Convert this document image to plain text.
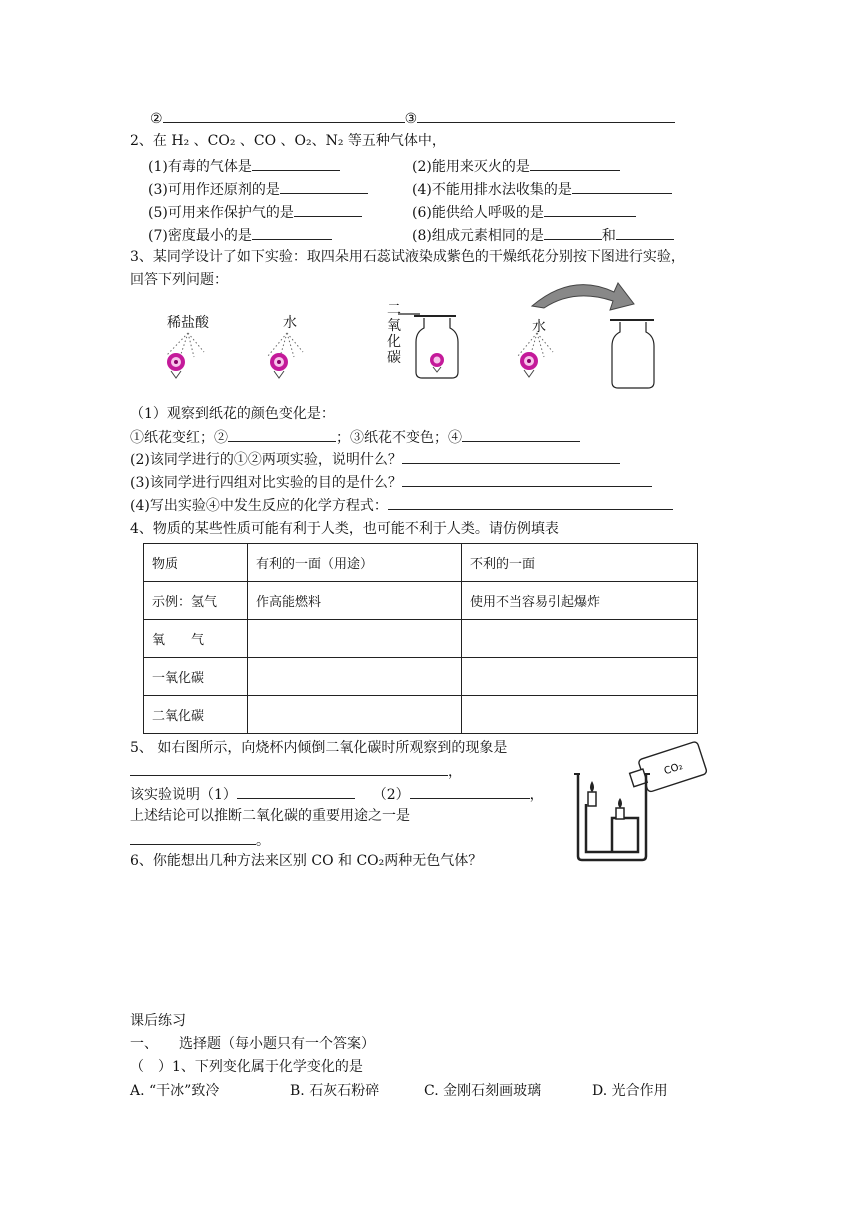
②	③
2、在 H₂ 、CO₂ 、CO 、O₂、N₂ 等五种气体中，
(1)有毒的气体是	(2)能用来灭火的是
(3)可用作还原剂的是	(4)不能用排水法收集的是
(5)可用来作保护气的是	(6)能供给人呼吸的是
(7)密度最小的是	(8)组成元素相同的是	和
3、某同学设计了如下实验：取四朵用石蕊试液染成紫色的干燥纸花分别按下图进行实验，
回答下列问题：
稀盐酸	水
二
氧
化
碳
水
（1）观察到纸花的颜色变化是：
①纸花变红；②	；③纸花不变色；④
(2)该同学进行的①②两项实验，说明什么？
(3)该同学进行四组对比实验的目的是什么？
(4)写出实验④中发生反应的化学方程式：
4、物质的某些性质可能有利于人类，也可能不利于人类。请仿例填表
物质	有利的一面（用途）	不利的一面
示例：氢气	作高能燃料	使用不当容易引起爆炸
氧　　气		
一氧化碳		
二氧化碳		
5、 如右图所示，向烧杯内倾倒二氧化碳时所观察到的现象是
，
该实验说明（1）	（2）	，
上述结论可以推断二氧化碳的重要用途之一是
。
CO₂
6、你能想出几种方法来区别 CO 和 CO₂两种无色气体？
课后练习
一、　　选择题（每小题只有一个答案）
（　）1、下列变化属于化学变化的是
A. “干冰”致冷	B. 石灰石粉碎	C. 金刚石刻画玻璃	D. 光合作用
